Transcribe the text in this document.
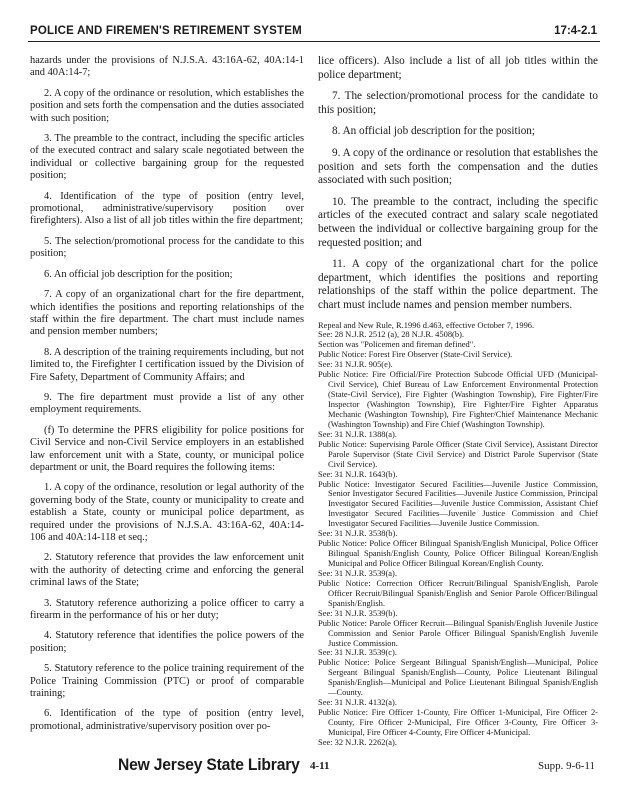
POLICE AND FIREMEN'S RETIREMENT SYSTEM	17:4-2.1

hazards under the provisions of N.J.S.A. 43:16A-62, 40A:14-1 and 40A:14-7;

2. A copy of the ordinance or resolution, which establishes the position and sets forth the compensation and the duties associated with such position;

3. The preamble to the contract, including the specific articles of the executed contract and salary scale negotiated between the individual or collective bargaining group for the requested position;

4. Identification of the type of position (entry level, promotional, administrative/supervisory position over firefighters). Also a list of all job titles within the fire department;

5. The selection/promotional process for the candidate to this position;

6. An official job description for the position;

7. A copy of an organizational chart for the fire department, which identifies the positions and reporting relationships of the staff within the fire department. The chart must include names and pension member numbers;

8. A description of the training requirements including, but not limited to, the Firefighter I certification issued by the Division of Fire Safety, Department of Community Affairs; and

9. The fire department must provide a list of any other employment requirements.

(f) To determine the PFRS eligibility for police positions for Civil Service and non-Civil Service employers in an established law enforcement unit with a State, county, or municipal police department or unit, the Board requires the following items:

1. A copy of the ordinance, resolution or legal authority of the governing body of the State, county or municipality to create and establish a State, county or municipal police department, as required under the provisions of N.J.S.A. 43:16A-62, 40A:14-106 and 40A:14-118 et seq.;

2. Statutory reference that provides the law enforcement unit with the authority of detecting crime and enforcing the general criminal laws of the State;

3. Statutory reference authorizing a police officer to carry a firearm in the performance of his or her duty;

4. Statutory reference that identifies the police powers of the position;

5. Statutory reference to the police training requirement of the Police Training Commission (PTC) or proof of comparable training;

6. Identification of the type of position (entry level, promotional, administrative/supervisory position over po-

lice officers). Also include a list of all job titles within the police department;

7. The selection/promotional process for the candidate to this position;

8. An official job description for the position;

9. A copy of the ordinance or resolution that establishes the position and sets forth the compensation and the duties associated with such position;

10. The preamble to the contract, including the specific articles of the executed contract and salary scale negotiated between the individual or collective bargaining group for the requested position; and

11. A copy of the organizational chart for the police department, which identifies the positions and reporting relationships of the staff within the police department. The chart must include names and pension member numbers.

Repeal and New Rule, R.1996 d.463, effective October 7, 1996.

See: 28 N.J.R. 2512 (a), 28 N.J.R. 4508(b).

Section was "Policemen and fireman defined".

Public Notice: Forest Fire Observer (State-Civil Service).

See: 31 N.J.R. 905(e).

Public Notice: Fire Official/Fire Protection Subcode Official UFD (Municipal-Civil Service), Chief Bureau of Law Enforcement Environmental Protection (State-Civil Service), Fire Fighter (Washington Township), Fire Fighter/Fire Inspector (Washington Township), Fire Fighter/Fire Fighter Apparatus Mechanic (Washington Township), Fire Fighter/Chief Maintenance Mechanic (Washington Township) and Fire Chief (Washington Township).

See: 31 N.J.R. 1388(a).

Public Notice: Supervising Parole Officer (State Civil Service), Assistant Director Parole Supervisor (State Civil Service) and District Parole Supervisor (State Civil Service).

See: 31 N.J.R. 1643(b).

Public Notice: Investigator Secured Facilities—Juvenile Justice Commission, Senior Investigator Secured Facilities—Juvenile Justice Commission, Principal Investigator Secured Facilities—Juvenile Justice Commission, Assistant Chief Investigator Secured Facilities—Juvenile Justice Commission and Chief Investigator Secured Facilities—Juvenile Justice Commission.

See: 31 N.J.R. 3538(b).

Public Notice: Police Officer Bilingual Spanish/English Municipal, Police Officer Bilingual Spanish/English County, Police Officer Bilingual Korean/English Municipal and Police Officer Bilingual Korean/English County.

See: 31 N.J.R. 3539(a).

Public Notice: Correction Officer Recruit/Bilingual Spanish/English, Parole Officer Recruit/Bilingual Spanish/English and Senior Parole Officer/Bilingual Spanish/English.

See: 31 N.J.R. 3539(b).

Public Notice: Parole Officer Recruit—Bilingual Spanish/English Juvenile Justice Commission and Senior Parole Officer Bilingual Spanish/English Juvenile Justice Commission.

See: 31 N.J.R. 3539(c).

Public Notice: Police Sergeant Bilingual Spanish/English—Municipal, Police Sergeant Bilingual Spanish/English—County, Police Lieutenant Bilingual Spanish/English—Municipal and Police Lieutenant Bilingual Spanish/English—County.

See: 31 N.J.R. 4132(a).

Public Notice: Fire Officer 1-County, Fire Officer 1-Municipal, Fire Officer 2-County, Fire Officer 2-Municipal, Fire Officer 3-County, Fire Officer 3-Municipal, Fire Officer 4-County, Fire Officer 4-Municipal.

See: 32 N.J.R. 2262(a).

New Jersey State Library 4-11	Supp. 9-6-11
